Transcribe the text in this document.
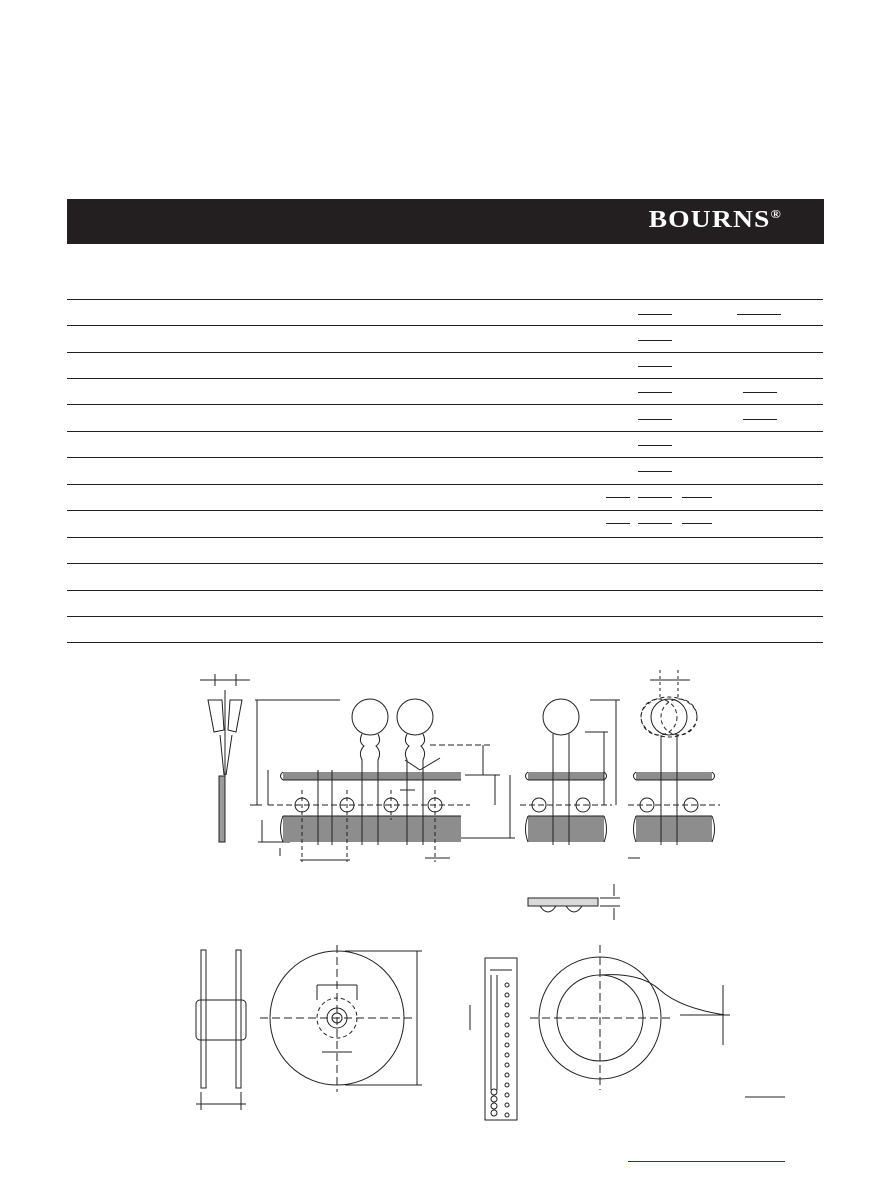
BOURNS®
